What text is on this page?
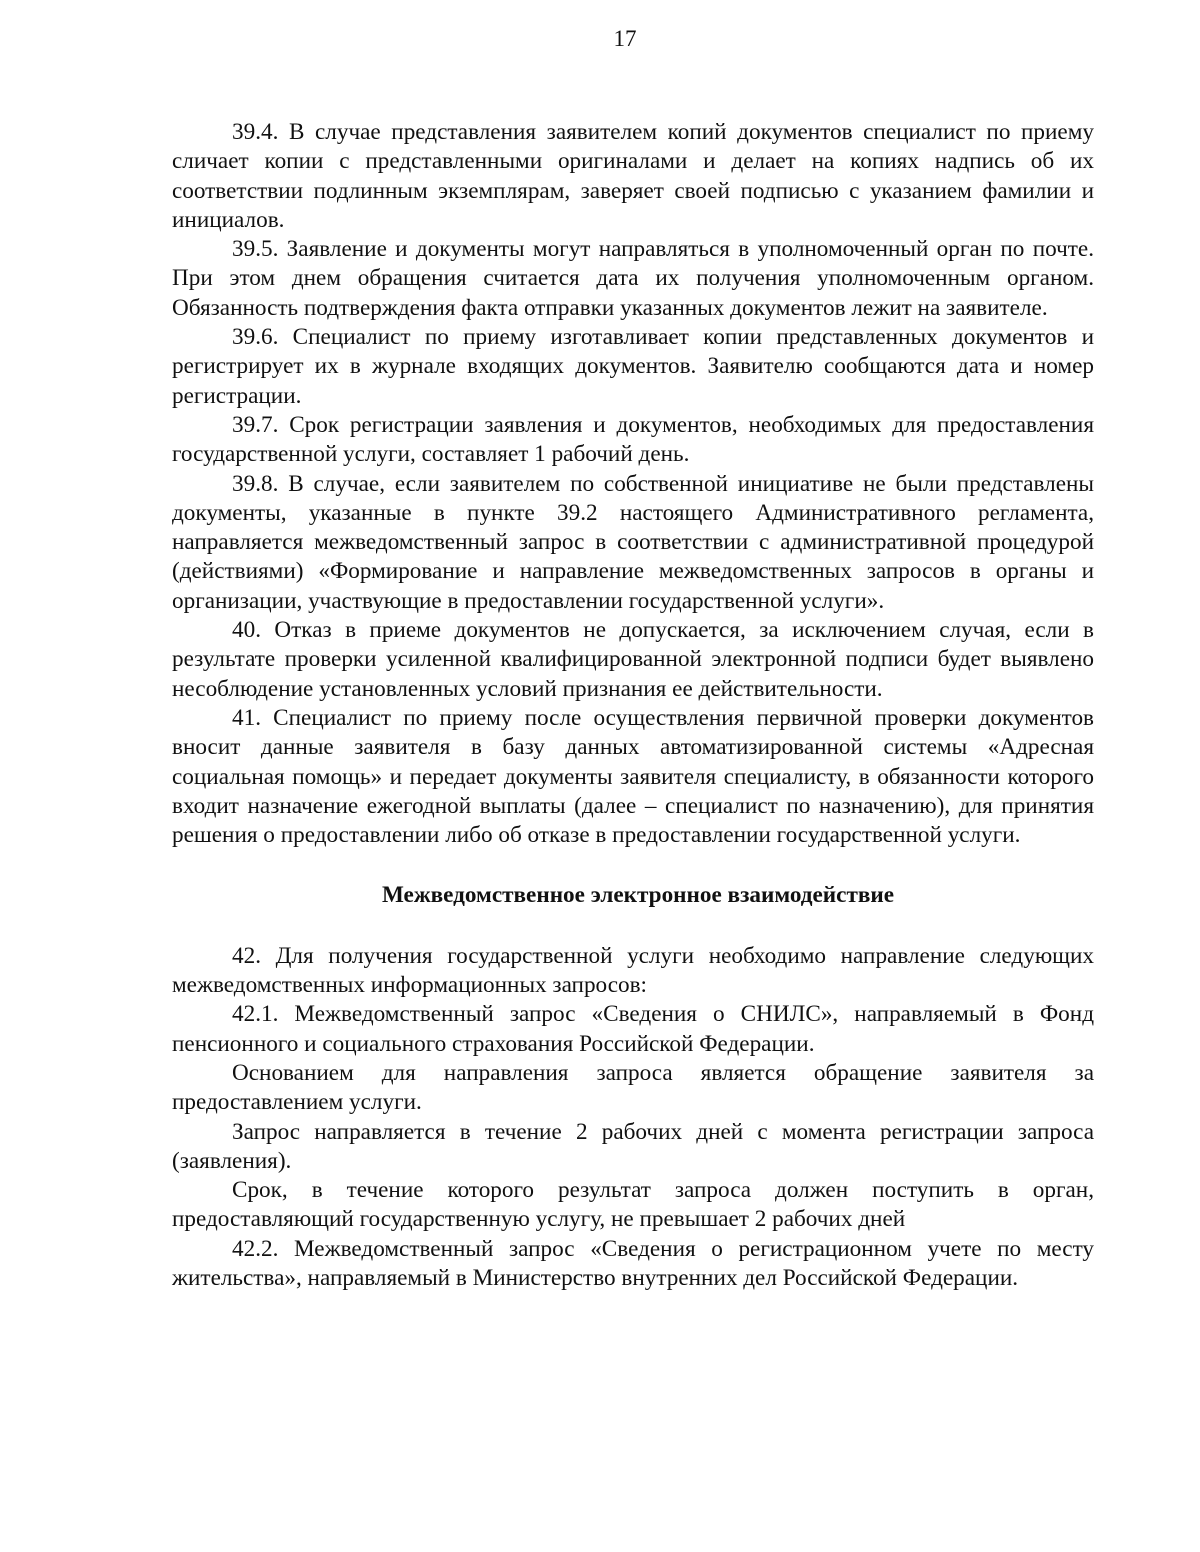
17

39.4. В случае представления заявителем копий документов специалист по приему сличает копии с представленными оригиналами и делает на копиях надпись об их соответствии подлинным экземплярам, заверяет своей подписью с указанием фамилии и инициалов.

39.5. Заявление и документы могут направляться в уполномоченный орган по почте. При этом днем обращения считается дата их получения уполномоченным органом. Обязанность подтверждения факта отправки указанных документов лежит на заявителе.

39.6. Специалист по приему изготавливает копии представленных документов и регистрирует их в журнале входящих документов. Заявителю сообщаются дата и номер регистрации.

39.7. Срок регистрации заявления и документов, необходимых для предоставления государственной услуги, составляет 1 рабочий день.

39.8. В случае, если заявителем по собственной инициативе не были представлены документы, указанные в пункте 39.2 настоящего Административного регламента, направляется межведомственный запрос в соответствии с административной процедурой (действиями) «Формирование и направление межведомственных запросов в органы и организации, участвующие в предоставлении государственной услуги».

40. Отказ в приеме документов не допускается, за исключением случая, если в результате проверки усиленной квалифицированной электронной подписи будет выявлено несоблюдение установленных условий признания ее действительности.

41. Специалист по приему после осуществления первичной проверки документов вносит данные заявителя в базу данных автоматизированной системы «Адресная социальная помощь» и передает документы заявителя специалисту, в обязанности которого входит назначение ежегодной выплаты (далее – специалист по назначению), для принятия решения о предоставлении либо об отказе в предоставлении государственной услуги.

Межведомственное электронное взаимодействие

42. Для получения государственной услуги необходимо направление следующих межведомственных информационных запросов:

42.1. Межведомственный запрос «Сведения о СНИЛС», направляемый в Фонд пенсионного и социального страхования Российской Федерации.

Основанием для направления запроса является обращение заявителя за предоставлением услуги.

Запрос направляется в течение 2 рабочих дней с момента регистрации запроса (заявления).

Срок, в течение которого результат запроса должен поступить в орган, предоставляющий государственную услугу, не превышает 2 рабочих дней

42.2. Межведомственный запрос «Сведения о регистрационном учете по месту жительства», направляемый в Министерство внутренних дел Российской Федерации.
